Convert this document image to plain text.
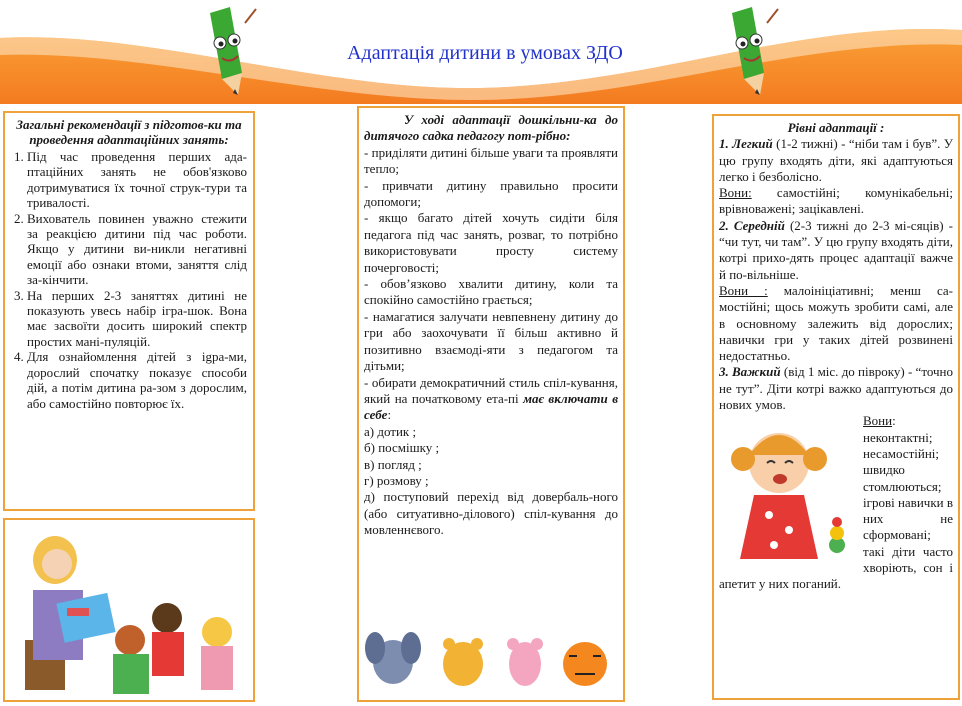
Адаптація дитини в умовах ЗДО
Загальні рекомендації з підготов-ки та проведення адаптаційних занять:
1. Під час проведення перших ада-птаційних занять не обов'язково дотримуватися їх точної струк-тури та тривалості.
2. Вихователь повинен уважно стежити за реакцією дитини під час роботи. Якщо у дитини ви-никли негативні емоції або ознаки втоми, заняття слід за-кінчити.
3. На перших 2-3 заняттях дитині не показують увесь набір ігра-шок. Вона має засвоїти досить широкий спектр простих мані-пуляцій.
4. Для ознайомлення дітей з igра-ми, дорослий спочатку показує способи дій, а потім дитина ра-зом з дорослим, або самостійно повторює їх.

У ході адаптації дошкільни-ка до дитячого садка педагогу пот-рібно:

- приділяти дитині більше уваги та проявляти тепло;

- привчати дитину правильно просити допомоги;

- якщо багато дітей хочуть сидіти біля педагога під час занять, розваг, то потрібно використовувати просту систему почерговості;

- обов’язково хвалити дитину, коли та спокійно самостійно грається;

- намагатися залучати невпевнену дитину до гри або заохочувати її більш активно й позитивно взаємоді-яти з педагогом та дітьми;

- обирати демократичний стиль спіл-кування, який на початковому ета-пі має включати в себе:

а) дотик ;

б) посмішку ;

в) погляд ;

г) розмову ;

д) поступовий перехід від довербаль-ного (або ситуативно-ділового) спіл-кування до мовленнєвого.

Рівні адаптації :

1. Легкий (1-2 тижні) - “ніби там і був”. У цю групу входять діти, які адаптуються легко і безболісно.

Вони: самостійні; комунікабельні; врівноважені; зацікавлені.

2. Середній (2-3 тижні до 2-3 мі-сяців) - “чи тут, чи там”. У цю групу входять діти, котрі прихо-дять процес адаптації важче й по-вільніше.

Вони : малоініціативні; менш са-мостійні; щось можуть зробити самі, але в основному залежить від дорослих; навички гри у таких дітей розвинені недостатньо.

3. Важкий (від 1 міс. до півроку) - “точно не тут”. Діти котрі важко адаптуються до нових умов.

Вони: неконтактні; несамостійні; швидко стомлюються; ігрові навички в них не сформовані; такі діти часто хворіють, сон і апетит у них поганий.
